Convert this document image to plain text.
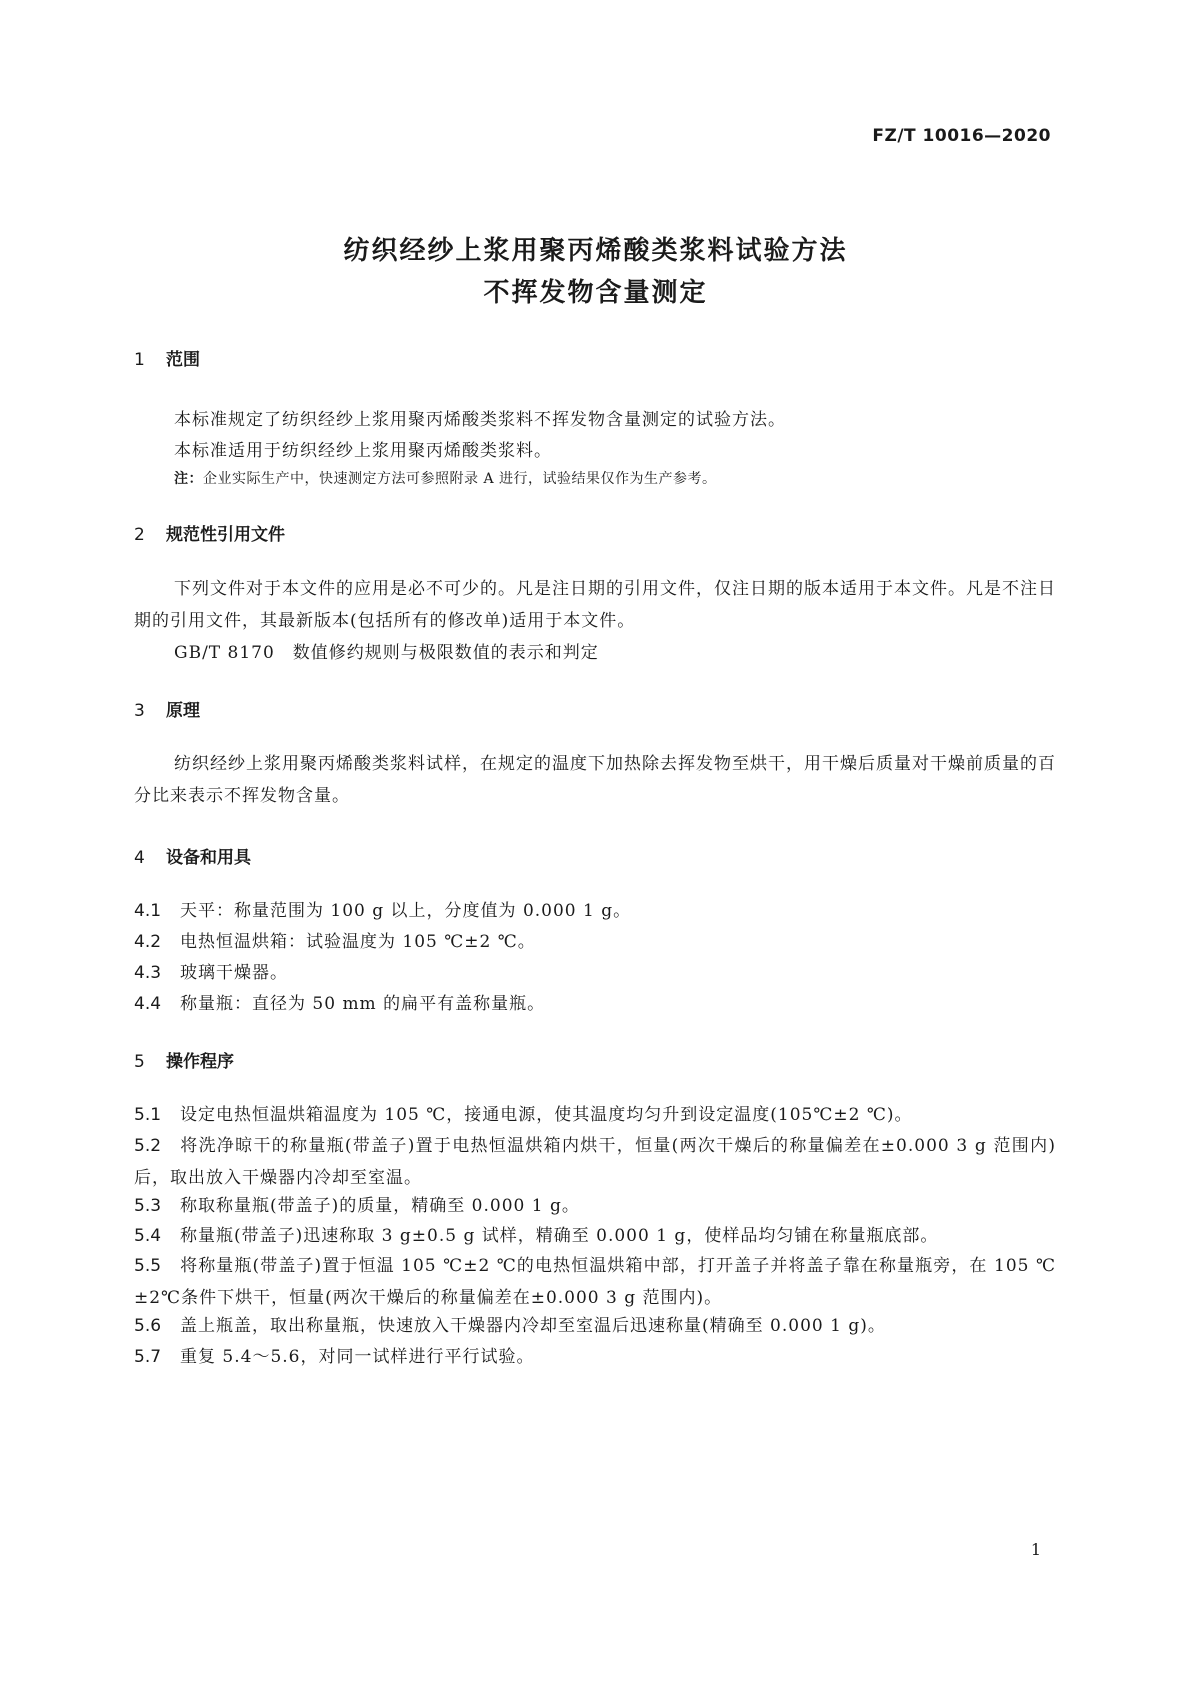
FZ/T 10016—2020
纺织经纱上浆用聚丙烯酸类浆料试验方法
不挥发物含量测定
1 范围
本标准规定了纺织经纱上浆用聚丙烯酸类浆料不挥发物含量测定的试验方法。
本标准适用于纺织经纱上浆用聚丙烯酸类浆料。
注：企业实际生产中，快速测定方法可参照附录 A 进行，试验结果仅作为生产参考。
2 规范性引用文件
下列文件对于本文件的应用是必不可少的。凡是注日期的引用文件，仅注日期的版本适用于本文件。凡是不注日期的引用文件，其最新版本(包括所有的修改单)适用于本文件。
GB/T 8170　数值修约规则与极限数值的表示和判定
3 原理
纺织经纱上浆用聚丙烯酸类浆料试样，在规定的温度下加热除去挥发物至烘干，用干燥后质量对干燥前质量的百分比来表示不挥发物含量。
4 设备和用具
4.1 天平：称量范围为 100 g 以上，分度值为 0.000 1 g。
4.2 电热恒温烘箱：试验温度为 105 ℃±2 ℃。
4.3 玻璃干燥器。
4.4 称量瓶：直径为 50 mm 的扁平有盖称量瓶。
5 操作程序
5.1 设定电热恒温烘箱温度为 105 ℃，接通电源，使其温度均匀升到设定温度(105℃±2 ℃)。
5.2 将洗净晾干的称量瓶(带盖子)置于电热恒温烘箱内烘干，恒量(两次干燥后的称量偏差在±0.000 3 g 范围内)后，取出放入干燥器内冷却至室温。
5.3 称取称量瓶(带盖子)的质量，精确至 0.000 1 g。
5.4 称量瓶(带盖子)迅速称取 3 g±0.5 g 试样，精确至 0.000 1 g，使样品均匀铺在称量瓶底部。
5.5 将称量瓶(带盖子)置于恒温 105 ℃±2 ℃的电热恒温烘箱中部，打开盖子并将盖子靠在称量瓶旁，在 105 ℃±2℃条件下烘干，恒量(两次干燥后的称量偏差在±0.000 3 g 范围内)。
5.6 盖上瓶盖，取出称量瓶，快速放入干燥器内冷却至室温后迅速称量(精确至 0.000 1 g)。
5.7 重复 5.4～5.6，对同一试样进行平行试验。
1
